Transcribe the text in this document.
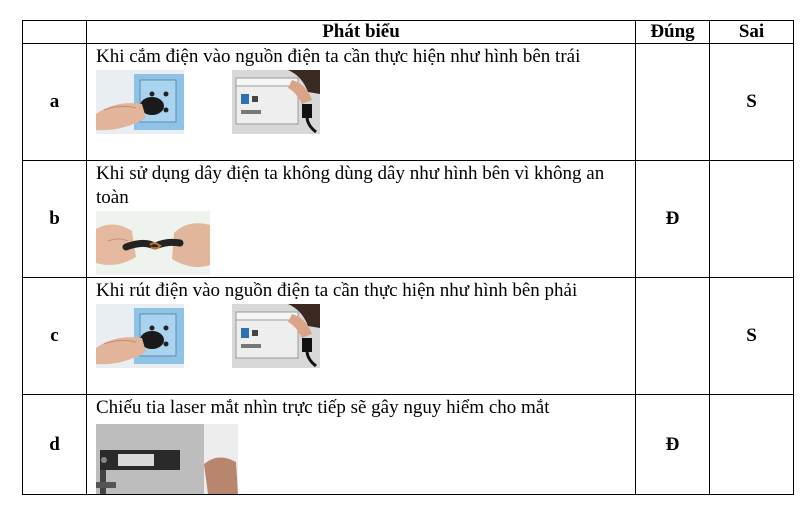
	Phát biểu	Đúng	Sai
a	Khi cắm điện vào nguồn điện ta cần thực hiện như hình bên trái		S
b	Khi sử dụng dây điện ta không dùng dây như hình bên vì không an toàn	Đ	
c	Khi rút điện vào nguồn điện ta cần thực hiện như hình bên phải		S
d	Chiếu tia laser mắt nhìn trực tiếp sẽ gây nguy hiểm cho mắt	Đ	
